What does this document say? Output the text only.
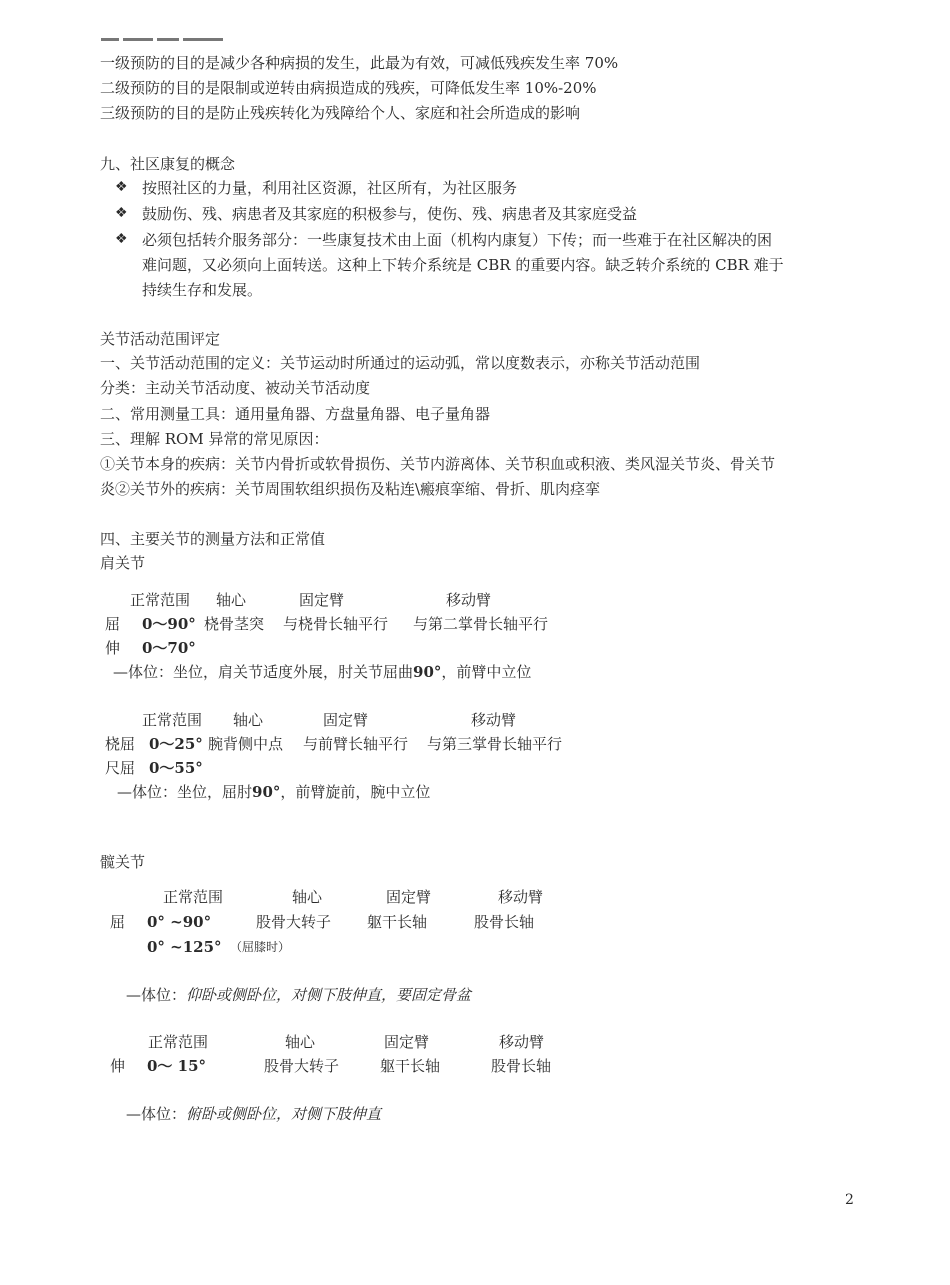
一级预防的目的是减少各种病损的发生，此最为有效，可减低残疾发生率 70%
二级预防的目的是限制或逆转由病损造成的残疾，可降低发生率 10%-20%
三级预防的目的是防止残疾转化为残障给个人、家庭和社会所造成的影响
九、社区康复的概念
❖ 按照社区的力量，利用社区资源，社区所有，为社区服务
❖ 鼓励伤、残、病患者及其家庭的积极参与，使伤、残、病患者及其家庭受益
❖ 必须包括转介服务部分：一些康复技术由上面（机构内康复）下传；而一些难于在社区解决的困
难问题，又必须向上面转送。这种上下转介系统是 CBR 的重要内容。缺乏转介系统的 CBR 难于
持续生存和发展。
关节活动范围评定
一、关节活动范围的定义：关节运动时所通过的运动弧，常以度数表示，亦称关节活动范围
分类：主动关节活动度、被动关节活动度
二、常用测量工具：通用量角器、方盘量角器、电子量角器
三、理解 ROM 异常的常见原因：
①关节本身的疾病：关节内骨折或软骨损伤、关节内游离体、关节积血或积液、类风湿关节炎、骨关节
炎②关节外的疾病：关节周围软组织损伤及粘连\瘢痕挛缩、骨折、肌肉痉挛
四、主要关节的测量方法和正常值
肩关节
正常范围 轴心	固定臂	移动臂
屈 0～90° 桡骨茎突 与桡骨长轴平行 与第二掌骨长轴平行
伸 0～70°
—体位：坐位，肩关节适度外展，肘关节屈曲90°，前臂中立位
正常范围 轴心	固定臂	移动臂
桡屈 0～25° 腕背侧中点 与前臂长轴平行 与第三掌骨长轴平行
尺屈 0～55°
—体位：坐位，屈肘90°，前臂旋前，腕中立位
髋关节
正常范围	轴心	固定臂	移动臂
屈 0° ~90°	股骨大转子 躯干长轴	股骨长轴
0° ~125° （屈膝时）
—体位：仰卧或侧卧位，对侧下肢伸直，要固定骨盆
正常范围	轴心	固定臂	移动臂
伸 0～ 15°	股骨大转子	躯干长轴	股骨长轴
—体位：俯卧或侧卧位，对侧下肢伸直
2
